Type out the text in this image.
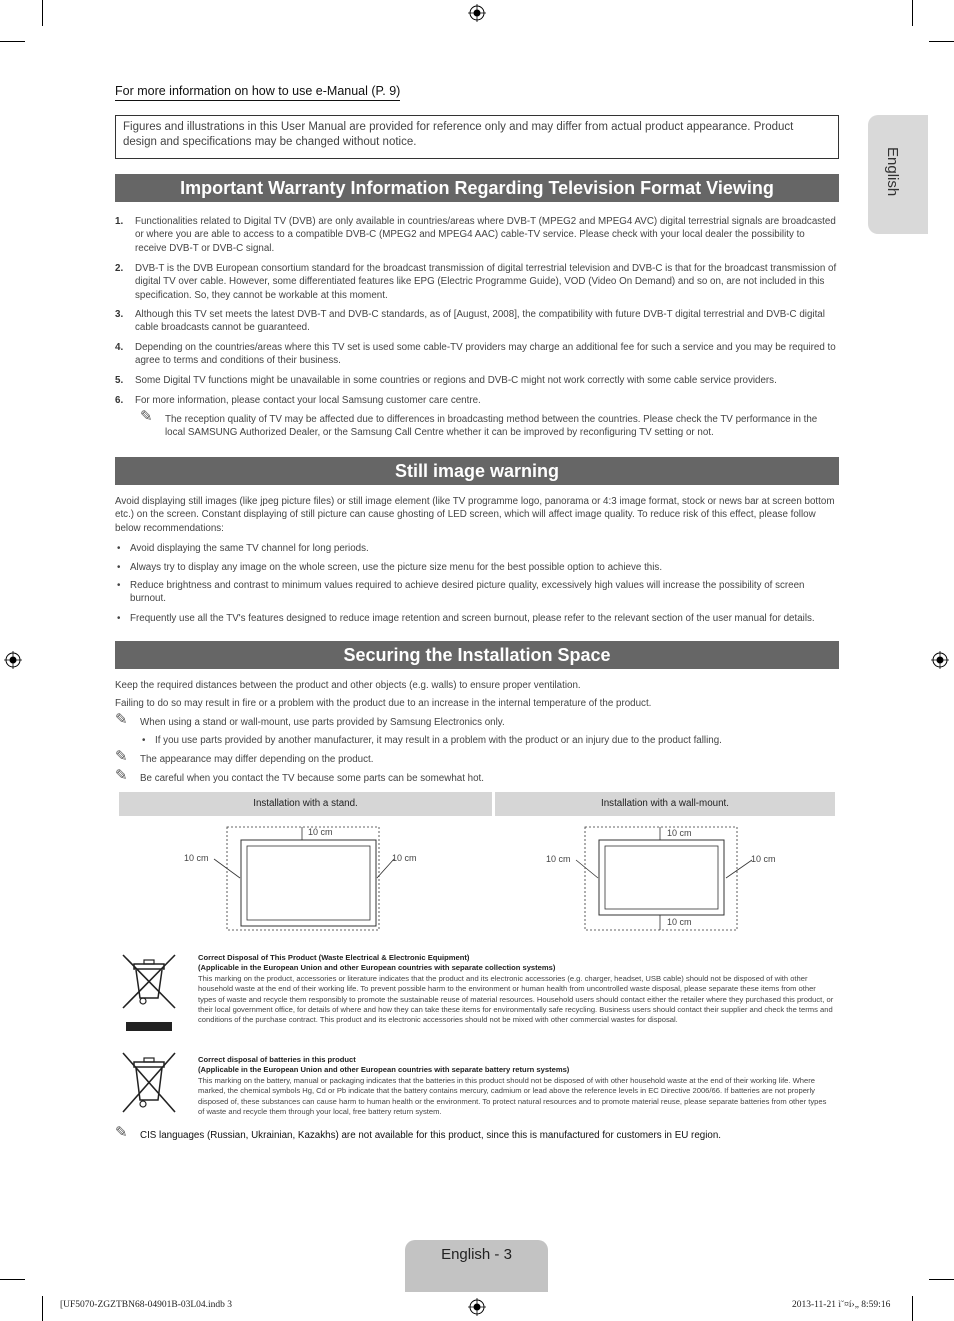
English
For more information on how to use e-Manual (P. 9)
Figures and illustrations in this User Manual are provided for reference only and may differ from actual product appearance. Product design and specifications may be changed without notice.
Important Warranty Information Regarding Television Format Viewing
1. Functionalities related to Digital TV (DVB) are only available in countries/areas where DVB-T (MPEG2 and MPEG4 AVC) digital terrestrial signals are broadcasted or where you are able to access to a compatible DVB-C (MPEG2 and MPEG4 AAC) cable-TV service. Please check with your local dealer the possibility to receive DVB-T or DVB-C signal.
2. DVB-T is the DVB European consortium standard for the broadcast transmission of digital terrestrial television and DVB-C is that for the broadcast transmission of digital TV over cable. However, some differentiated features like EPG (Electric Programme Guide), VOD (Video On Demand) and so on, are not included in this specification. So, they cannot be workable at this moment.
3. Although this TV set meets the latest DVB-T and DVB-C standards, as of [August, 2008], the compatibility with future DVB-T digital terrestrial and DVB-C digital cable broadcasts cannot be guaranteed.
4. Depending on the countries/areas where this TV set is used some cable-TV providers may charge an additional fee for such a service and you may be required to agree to terms and conditions of their business.
5. Some Digital TV functions might be unavailable in some countries or regions and DVB-C might not work correctly with some cable service providers.
6. For more information, please contact your local Samsung customer care centre.
✎ The reception quality of TV may be affected due to differences in broadcasting method between the countries. Please check the TV performance in the local SAMSUNG Authorized Dealer, or the Samsung Call Centre whether it can be improved by reconfiguring TV setting or not.
Still image warning
Avoid displaying still images (like jpeg picture files) or still image element (like TV programme logo, panorama or 4:3 image format, stock or news bar at screen bottom etc.) on the screen. Constant displaying of still picture can cause ghosting of LED screen, which will affect image quality. To reduce risk of this effect, please follow below recommendations:
• Avoid displaying the same TV channel for long periods.
• Always try to display any image on the whole screen, use the picture size menu for the best possible option to achieve this.
• Reduce brightness and contrast to minimum values required to achieve desired picture quality, excessively high values will increase the possibility of screen burnout.
• Frequently use all the TV's features designed to reduce image retention and screen burnout, please refer to the relevant section of the user manual for details.
Securing the Installation Space
Keep the required distances between the product and other objects (e.g. walls) to ensure proper ventilation.
Failing to do so may result in fire or a problem with the product due to an increase in the internal temperature of the product.
✎ When using a stand or wall-mount, use parts provided by Samsung Electronics only.
• If you use parts provided by another manufacturer, it may result in a problem with the product or an injury due to the product falling.
✎ The appearance may differ depending on the product.
✎ Be careful when you contact the TV because some parts can be somewhat hot.
Installation with a stand.	Installation with a wall-mount.
10 cm
10 cm
10 cm	10 cm
10 cm
10 cm
10 cm
Correct Disposal of This Product (Waste Electrical & Electronic Equipment)
(Applicable in the European Union and other European countries with separate collection systems)
This marking on the product, accessories or literature indicates that the product and its electronic accessories (e.g. charger, headset, USB cable) should not be disposed of with other household waste at the end of their working life. To prevent possible harm to the environment or human health from uncontrolled waste disposal, please separate these items from other types of waste and recycle them responsibly to promote the sustainable reuse of material resources. Household users should contact either the retailer where they purchased this product, or their local government office, for details of where and how they can take these items for environmentally safe recycling. Business users should contact their supplier and check the terms and conditions of the purchase contract. This product and its electronic accessories should not be mixed with other commercial wastes for disposal.
Correct disposal of batteries in this product
(Applicable in the European Union and other European countries with separate battery return systems)
This marking on the battery, manual or packaging indicates that the batteries in this product should not be disposed of with other household waste at the end of their working life. Where marked, the chemical symbols Hg, Cd or Pb indicate that the battery contains mercury, cadmium or lead above the reference levels in EC Directive 2006/66. If batteries are not properly disposed of, these substances can cause harm to human health or the environment. To protect natural resources and to promote material reuse, please separate batteries from other types of waste and recycle them through your local, free battery return system.
✎ CIS languages (Russian, Ukrainian, Kazakhs) are not available for this product, since this is manufactured for customers in EU region.
English - 3
[UF5070-ZGZTBN68-04901B-03L04.indb 3	2013-11-21 ì˘¤í›„ 8:59:16
